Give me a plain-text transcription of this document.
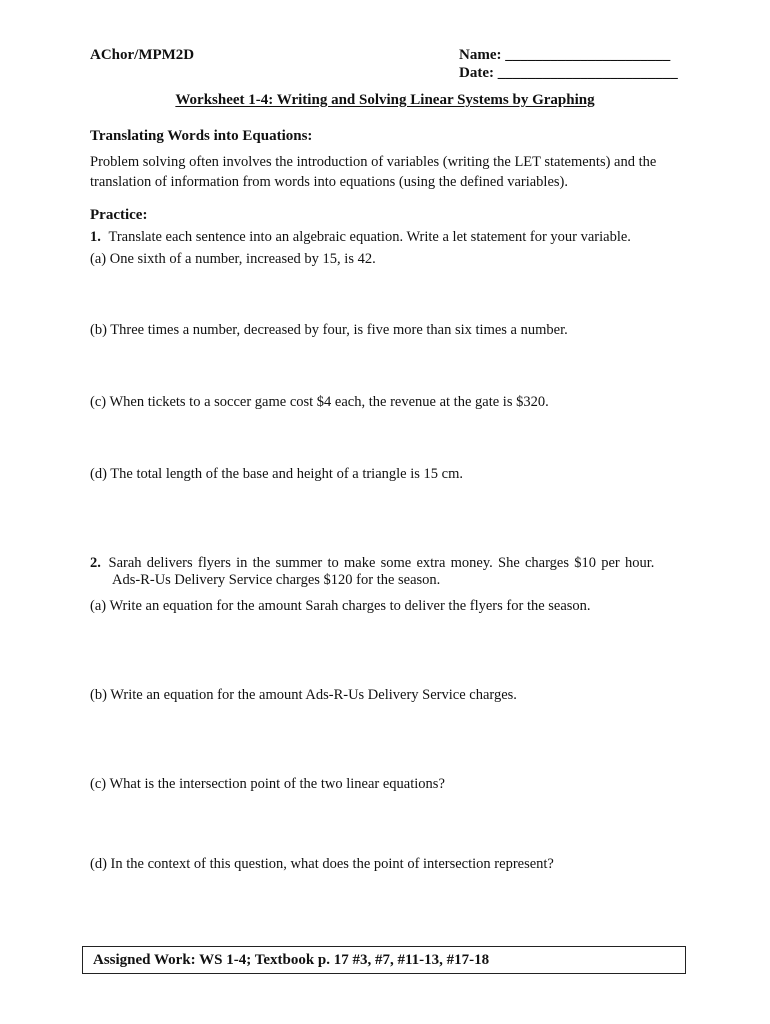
AChor/MPM2D	Name: ______________________
Date: ________________________
Worksheet 1-4: Writing and Solving Linear Systems by Graphing
Translating Words into Equations:
Problem solving often involves the introduction of variables (writing the LET statements) and the
translation of information from words into equations (using the defined variables).
Practice:
1. Translate each sentence into an algebraic equation. Write a let statement for your variable.
(a) One sixth of a number, increased by 15, is 42.
(b) Three times a number, decreased by four, is five more than six times a number.
(c) When tickets to a soccer game cost $4 each, the revenue at the gate is $320.
(d) The total length of the base and height of a triangle is 15 cm.
2. Sarah delivers flyers in the summer to make some extra money. She charges $10 per hour.
Ads-R-Us Delivery Service charges $120 for the season.
(a) Write an equation for the amount Sarah charges to deliver the flyers for the season.
(b) Write an equation for the amount Ads-R-Us Delivery Service charges.
(c) What is the intersection point of the two linear equations?
(d) In the context of this question, what does the point of intersection represent?
Assigned Work: WS 1-4; Textbook p. 17 #3, #7, #11-13, #17-18
